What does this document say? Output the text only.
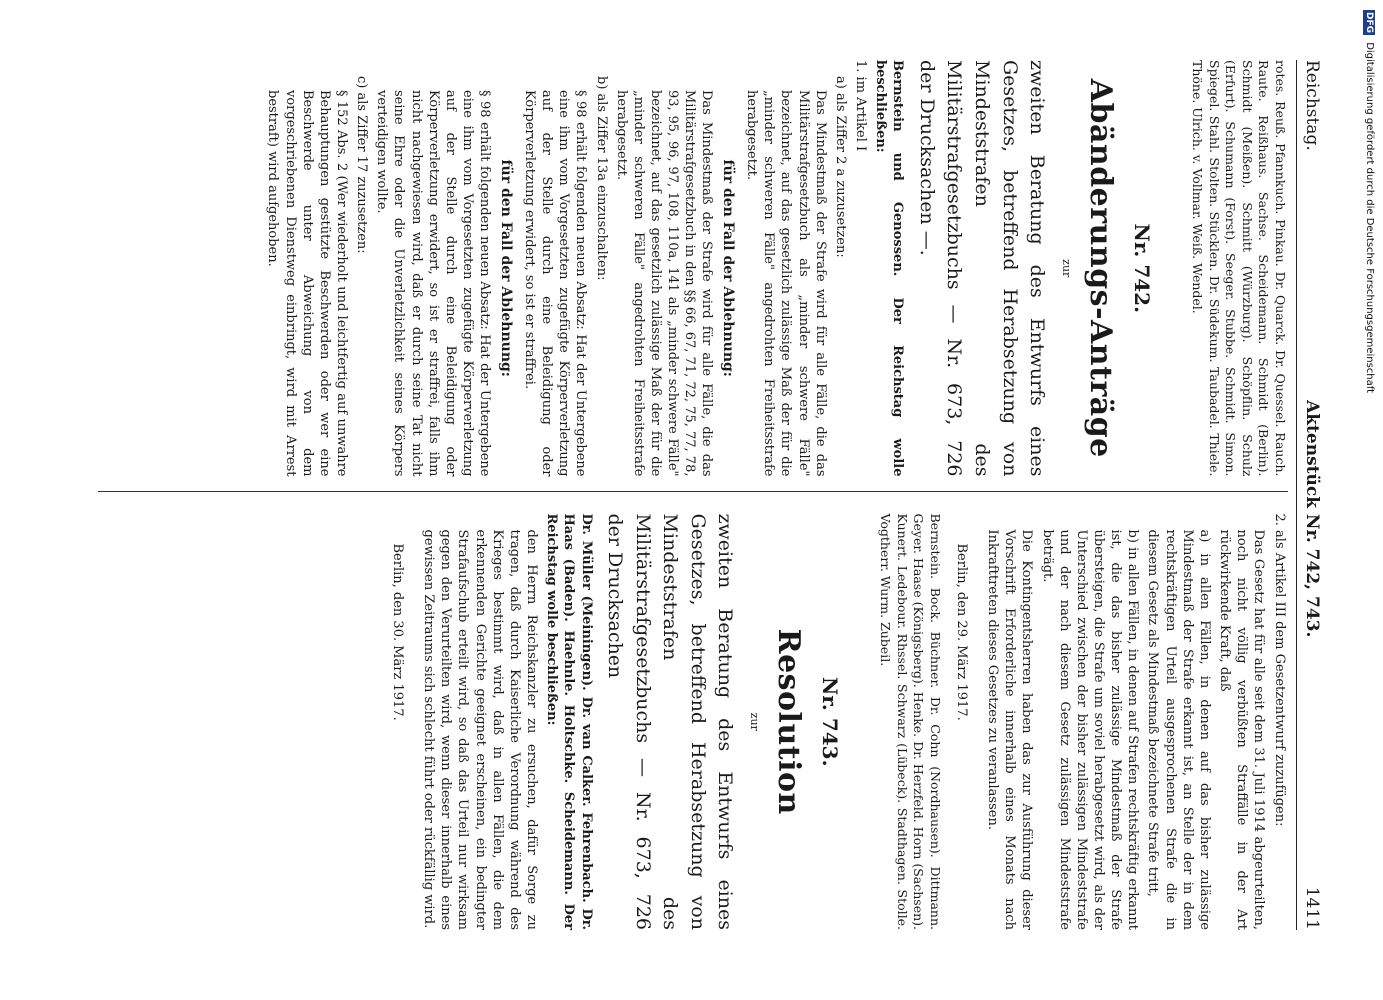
Reichstag.
Aktenstück Nr. 742, 743.
1411

rotes. Reuß. Pfannkuch. Pinkau. Dr. Quarck. Dr. Quessel. Rauch. Raute. Reißhaus. Sachse. Scheidemann. Schmidt (Berlin). Schmidt (Meißen). Schmitt (Würzburg). Schöpflin. Schulz (Erfurt). Schumann (Forst). Seeger. Stubbe. Schmidt. Simon. Spiegel. Stahl. Stolten. Stücklen. Dr. Südekum. Taubadel. Thiele. Thöne. Ulrich. v. Vollmar. Weiß. Wendel.

Nr. 742.
Abänderungs-Anträge
zur
zweiten Beratung des Entwurfs eines Gesetzes, betreffend Herabsetzung von Mindeststrafen des Militärstrafgesetzbuchs — Nr. 673, 726 der Drucksachen —.

Bernstein und Genossen. Der Reichstag wolle beschließen:

1. im Artikel I

a) als Ziffer 2 a zuzusetzen:

Das Mindestmaß der Strafe wird für alle Fälle, die das Militärstrafgesetzbuch als „minder schwere Fälle" bezeichnet, auf das gesetzlich zulässige Maß der für die „minder schweren Fälle" angedrohten Freiheitsstrafe herabgesetzt.

für den Fall der Ablehnung:

Das Mindestmaß der Strafe wird für alle Fälle, die das Militärstrafgesetzbuch in den §§ 66, 67, 71, 72, 75, 77, 78, 93, 95, 96, 97, 108, 110a, 141 als „minder schwere Fälle" bezeichnet, auf das gesetzlich zulässige Maß der für die „minder schweren Fälle" angedrohten Freiheitsstrafe herabgesetzt.

b) als Ziffer 13a einzuschalten:

§ 98 erhält folgenden neuen Absatz: Hat der Untergebene eine ihm vom Vorgesetzten zugefügte Körperverletzung auf der Stelle durch eine Beleidigung oder Körperverletzung erwidert, so ist er straffrei.

für den Fall der Ablehnung:

§ 98 erhält folgenden neuen Absatz: Hat der Untergebene eine ihm vom Vorgesetzten zugefügte Körperverletzung auf der Stelle durch eine Beleidigung oder Körperverletzung erwidert, so ist er straffrei, falls ihm nicht nachgewiesen wird, daß er durch seine Tat nicht seine Ehre oder die Unverletzlichkeit seines Körpers verteidigen wollte.

c) als Ziffer 17 zuzusetzen:

§ 152 Abs. 2 (Wer wiederholt und leichtfertig auf unwahre Behauptungen gestützte Beschwerden oder wer eine Beschwerde unter Abweichung von dem vorgeschriebenen Dienstweg einbringt, wird mit Arrest bestraft) wird aufgehoben.

2. als Artikel III dem Gesetzentwurf zuzufügen:

Das Gesetz hat für alle seit dem 31. Juli 1914 abgeurteilten, noch nicht völlig verbüßten Straffälle in der Art rückwirkende Kraft, daß

a) in allen Fällen, in denen auf das bisher zulässige Mindestmaß der Strafe erkannt ist, an Stelle der in dem rechtskräftigen Urteil ausgesprochenen Strafe die in diesem Gesetz als Mindestmaß bezeichnete Strafe tritt,

b) in allen Fällen, in denen auf Strafen rechtskräftig erkannt ist, die das bisher zulässige Mindestmaß der Strafe übersteigen, die Strafe um soviel herabgesetzt wird, als der Unterschied zwischen der bisher zulässigen Mindeststrafe und der nach diesem Gesetz zulässigen Mindeststrafe beträgt.

Die Kontingentsherren haben das zur Ausführung dieser Vorschrift Erforderliche innerhalb eines Monats nach Inkrafttreten dieses Gesetzes zu veranlassen.

Berlin, den 29. März 1917.

Bernstein. Bock. Büchner. Dr. Cohn (Nordhausen). Dittmann. Geyer. Haase (Königsberg). Henke. Dr. Herzfeld. Horn (Sachsen). Kunert. Ledebour. Rhssel. Schwarz (Lübeck). Stadthagen. Stolle. Vogtherr. Wurm. Zubeil.

Nr. 743.
Resolution
zur
zweiten Beratung des Entwurfs eines Gesetzes, betreffend Herabsetzung von Mindeststrafen des Militärstrafgesetzbuchs — Nr. 673, 726 der Drucksachen

Dr. Müller (Meiningen). Dr. van Calker. Fehrenbach. Dr. Haas (Baden). Haehnle. Holtschke. Scheidemann. Der Reichstag wolle beschließen:

den Herrn Reichskanzler zu ersuchen, dafür Sorge zu tragen, daß durch Kaiserliche Verordnung während des Krieges bestimmt wird, daß in allen Fällen, die dem erkennenden Gerichte geeignet erscheinen, ein bedingter Strafaufschub erteilt wird, so daß das Urteil nur wirksam gegen den Verurteilten wird, wenn dieser innerhalb eines gewissen Zeitraums sich schlecht führt oder rückfällig wird.

Berlin, den 30. März 1917.
DFG Digitalisierung gefördert durch die Deutsche Forschungsgemeinschaft
